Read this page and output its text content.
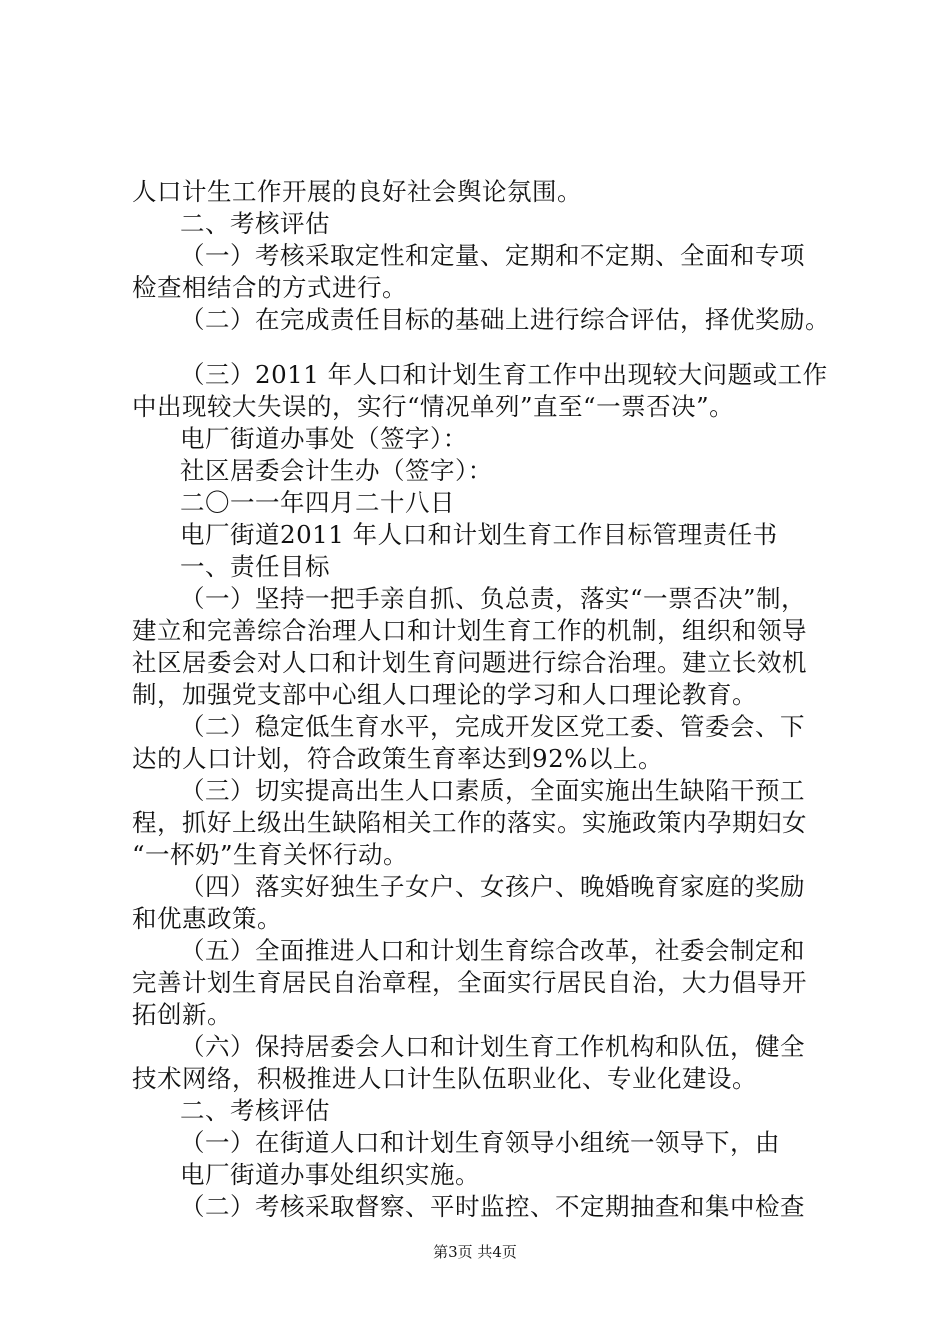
人口计生工作开展的良好社会舆论氛围。
二、考核评估
（一）考核采取定性和定量、定期和不定期、全面和专项
检查相结合的方式进行。
（二）在完成责任目标的基础上进行综合评估，择优奖励。
（三）2011 年人口和计划生育工作中出现较大问题或工作
中出现较大失误的，实行“情况单列”直至“一票否决”。
电厂街道办事处（签字）：
社区居委会计生办（签字）：
二〇一一年四月二十八日
电厂街道2011 年人口和计划生育工作目标管理责任书
一、责任目标
（一）坚持一把手亲自抓、负总责，落实“一票否决”制，
建立和完善综合治理人口和计划生育工作的机制，组织和领导
社区居委会对人口和计划生育问题进行综合治理。建立长效机
制，加强党支部中心组人口理论的学习和人口理论教育。
（二）稳定低生育水平，完成开发区党工委、管委会、下
达的人口计划，符合政策生育率达到92%以上。
（三）切实提高出生人口素质，全面实施出生缺陷干预工
程，抓好上级出生缺陷相关工作的落实。实施政策内孕期妇女
“一杯奶”生育关怀行动。
（四）落实好独生子女户、女孩户、晚婚晚育家庭的奖励
和优惠政策。
（五）全面推进人口和计划生育综合改革，社委会制定和
完善计划生育居民自治章程，全面实行居民自治，大力倡导开
拓创新。
（六）保持居委会人口和计划生育工作机构和队伍，健全
技术网络，积极推进人口计生队伍职业化、专业化建设。
二、考核评估
（一）在街道人口和计划生育领导小组统一领导下，由
电厂街道办事处组织实施。
（二）考核采取督察、平时监控、不定期抽查和集中检查
第3页 共4页
